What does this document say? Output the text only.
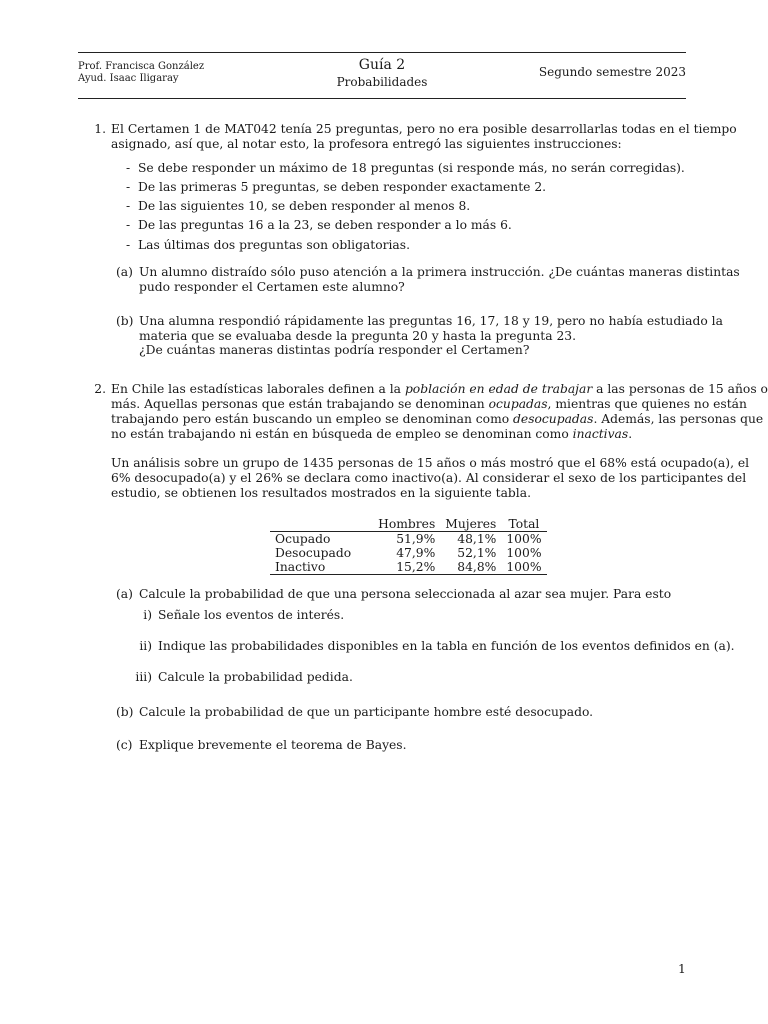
Prof. Francisca González
Ayud. Isaac Iligaray
Guía 2
Probabilidades
Segundo semestre 2023
1. El Certamen 1 de MAT042 tenía 25 preguntas, pero no era posible desarrollarlas todas en el tiempo
asignado, así que, al notar esto, la profesora entregó las siguientes instrucciones:
- Se debe responder un máximo de 18 preguntas (si responde más, no serán corregidas).
- De las primeras 5 preguntas, se deben responder exactamente 2.
- De las siguientes 10, se deben responder al menos 8.
- De las preguntas 16 a la 23, se deben responder a lo más 6.
- Las últimas dos preguntas son obligatorias.
(a) Un alumno distraído sólo puso atención a la primera instrucción. ¿De cuántas maneras distintas
pudo responder el Certamen este alumno?
(b) Una alumna respondió rápidamente las preguntas 16, 17, 18 y 19, pero no había estudiado la
materia que se evaluaba desde la pregunta 20 y hasta la pregunta 23.
¿De cuántas maneras distintas podría responder el Certamen?
2. En Chile las estadísticas laborales definen a la población en edad de trabajar a las personas de 15 años o
más. Aquellas personas que están trabajando se denominan ocupadas, mientras que quienes no están
trabajando pero están buscando un empleo se denominan como desocupadas. Además, las personas que
no están trabajando ni están en búsqueda de empleo se denominan como inactivas.
Un análisis sobre un grupo de 1435 personas de 15 años o más mostró que el 68% está ocupado(a), el
6% desocupado(a) y el 26% se declara como inactivo(a). Al considerar el sexo de los participantes del
estudio, se obtienen los resultados mostrados en la siguiente tabla.
	Hombres	Mujeres	Total
Ocupado	51,9%	48,1%	100%
Desocupado	47,9%	52,1%	100%
Inactivo	15,2%	84,8%	100%
(a) Calcule la probabilidad de que una persona seleccionada al azar sea mujer. Para esto
i) Señale los eventos de interés.
ii) Indique las probabilidades disponibles en la tabla en función de los eventos definidos en (a).
iii) Calcule la probabilidad pedida.
(b) Calcule la probabilidad de que un participante hombre esté desocupado.
(c) Explique brevemente el teorema de Bayes.
1
